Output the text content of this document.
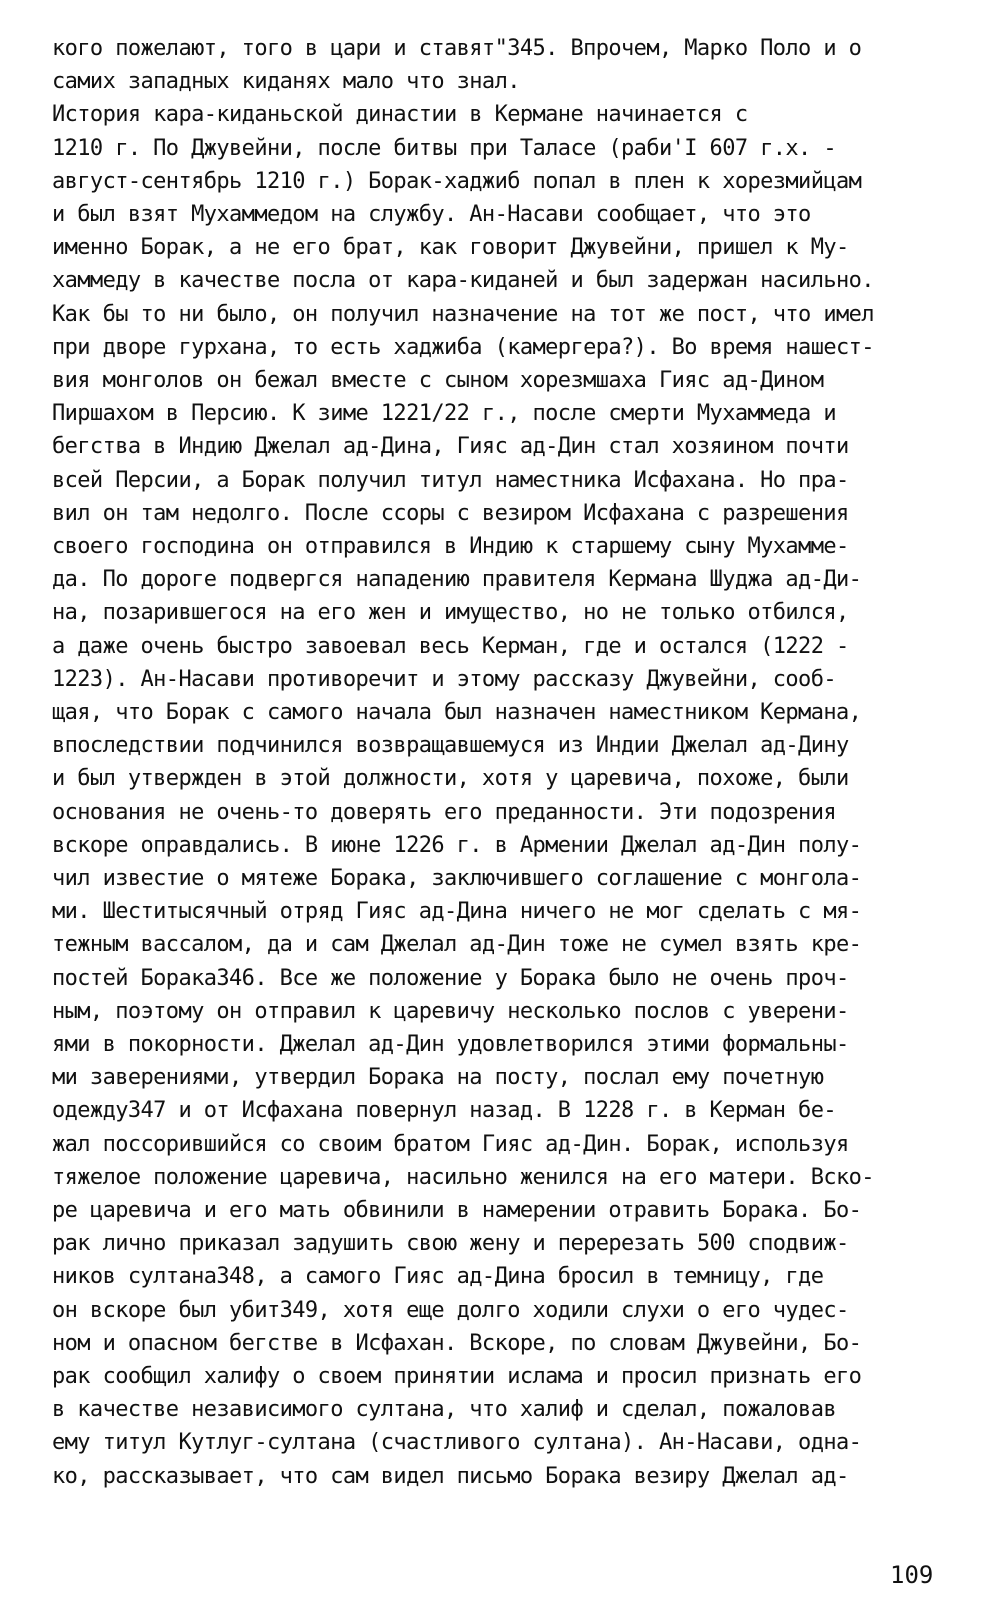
кого пожелают, того в цари и ставят"345. Впрочем, Марко Поло и о
самих западных киданях мало что знал.
История кара-киданьской династии в Кермане начинается с
1210 г. По Джувейни, после битвы при Таласе (раби'I 607 г.х. -
август-сентябрь 1210 г.) Борак-хаджиб попал в плен к хорезмийцам
и был взят Мухаммедом на службу. Ан-Насави сообщает, что это
именно Борак, а не его брат, как говорит Джувейни, пришел к Му-
хаммеду в качестве посла от кара-киданей и был задержан насильно.
Как бы то ни было, он получил назначение на тот же пост, что имел
при дворе гурхана, то есть хаджиба (камергера?). Во время нашест-
вия монголов он бежал вместе с сыном хорезмшаха Гияс ад-Дином
Пиршахом в Персию. К зиме 1221/22 г., после смерти Мухаммеда и
бегства в Индию Джелал ад-Дина, Гияс ад-Дин стал хозяином почти
всей Персии, а Борак получил титул наместника Исфахана. Но пра-
вил он там недолго. После ссоры с везиром Исфахана с разрешения
своего господина он отправился в Индию к старшему сыну Мухамме-
да. По дороге подвергся нападению правителя Кермана Шуджа ад-Ди-
на, позарившегося на его жен и имущество, но не только отбился,
а даже очень быстро завоевал весь Керман, где и остался (1222 -
1223). Ан-Насави противоречит и этому рассказу Джувейни, сооб-
щая, что Борак с самого начала был назначен наместником Кермана,
впоследствии подчинился возвращавшемуся из Индии Джелал ад-Дину
и был утвержден в этой должности, хотя у царевича, похоже, были
основания не очень-то доверять его преданности. Эти подозрения
вскоре оправдались. В июне 1226 г. в Армении Джелал ад-Дин полу-
чил известие о мятеже Борака, заключившего соглашение с монгола-
ми. Шеститысячный отряд Гияс ад-Дина ничего не мог сделать с мя-
тежным вассалом, да и сам Джелал ад-Дин тоже не сумел взять кре-
постей Борака346. Все же положение у Борака было не очень проч-
ным, поэтому он отправил к царевичу несколько послов с уверени-
ями в покорности. Джелал ад-Дин удовлетворился этими формальны-
ми заверениями, утвердил Борака на посту, послал ему почетную
одежду347 и от Исфахана повернул назад. В 1228 г. в Керман бе-
жал поссорившийся со своим братом Гияс ад-Дин. Борак, используя
тяжелое положение царевича, насильно женился на его матери. Вско-
ре царевича и его мать обвинили в намерении отравить Борака. Бо-
рак лично приказал задушить свою жену и перерезать 500 сподвиж-
ников султана348, а самого Гияс ад-Дина бросил в темницу, где
он вскоре был убит349, хотя еще долго ходили слухи о его чудес-
ном и опасном бегстве в Исфахан. Вскоре, по словам Джувейни, Бо-
рак сообщил халифу о своем принятии ислама и просил признать его
в качестве независимого султана, что халиф и сделал, пожаловав
ему титул Кутлуг-султана (счастливого султана). Ан-Насави, одна-
ко, рассказывает, что сам видел письмо Борака везиру Джелал ад-
109
